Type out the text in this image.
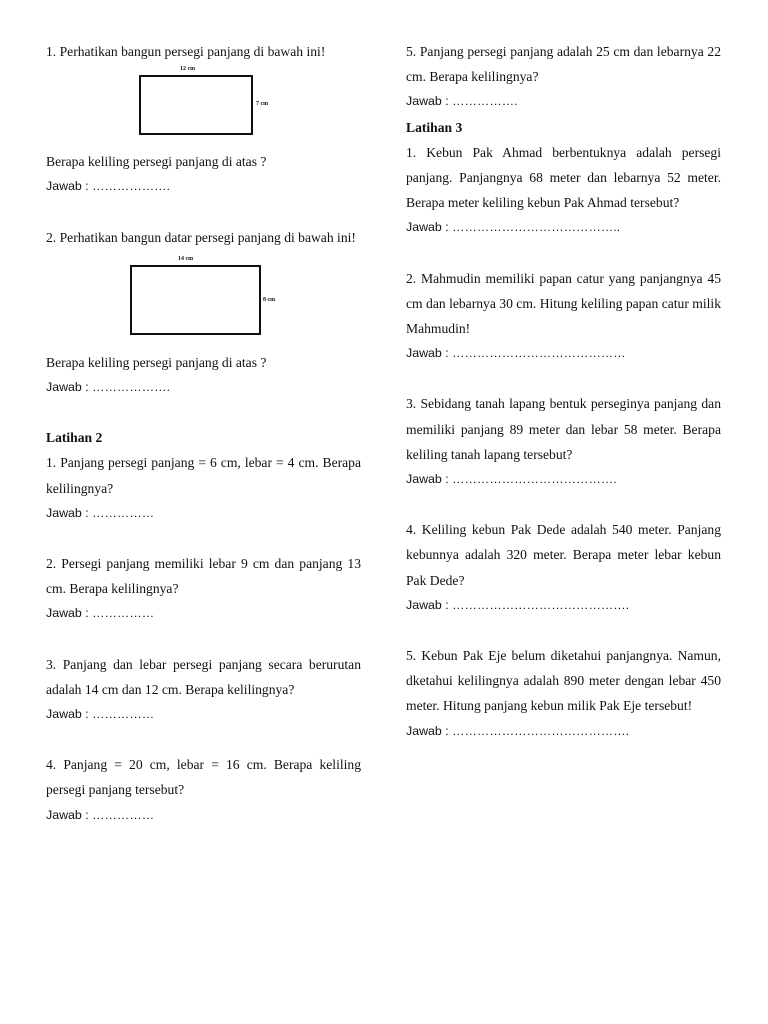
1. Perhatikan bangun persegi panjang di bawah ini!

12 cm
7 cm

Berapa keliling persegi panjang di atas ?

Jawab : ……………….

2. Perhatikan bangun datar persegi panjang di bawah ini!

14 cm
8 cm

Berapa keliling persegi panjang di atas ?

Jawab : ……………….

Latihan 2

1. Panjang persegi panjang = 6 cm, lebar = 4 cm. Berapa kelilingnya?

Jawab : ……………

2. Persegi panjang memiliki lebar 9 cm dan panjang 13 cm. Berapa kelilingnya?

Jawab : ……………

3. Panjang dan lebar persegi panjang secara berurutan adalah 14 cm dan 12 cm. Berapa kelilingnya?

Jawab : ……………

4. Panjang = 20 cm, lebar = 16 cm. Berapa keliling persegi panjang tersebut?

Jawab : ……………

5. Panjang persegi panjang adalah 25 cm dan lebarnya 22 cm. Berapa kelilingnya?

Jawab : …………….

Latihan 3

1. Kebun Pak Ahmad berbentuknya adalah persegi panjang. Panjangnya 68 meter dan lebarnya 52 meter. Berapa meter keliling kebun Pak Ahmad tersebut?

Jawab : …………………………………..

2. Mahmudin memiliki papan catur yang panjangnya 45 cm dan lebarnya 30 cm. Hitung keliling papan catur milik Mahmudin!

Jawab : ……………………………………

3. Sebidang tanah lapang bentuk perseginya panjang dan memiliki panjang 89 meter dan lebar 58 meter. Berapa keliling tanah lapang tersebut?

Jawab : ………………………………….

4. Keliling kebun Pak Dede adalah 540 meter. Panjang kebunnya adalah 320 meter. Berapa meter lebar kebun Pak Dede?

Jawab : …………………………………….

5. Kebun Pak Eje belum diketahui panjangnya. Namun, dketahui kelilingnya adalah 890 meter dengan lebar 450 meter. Hitung panjang kebun milik Pak Eje tersebut!

Jawab : …………………………………….
